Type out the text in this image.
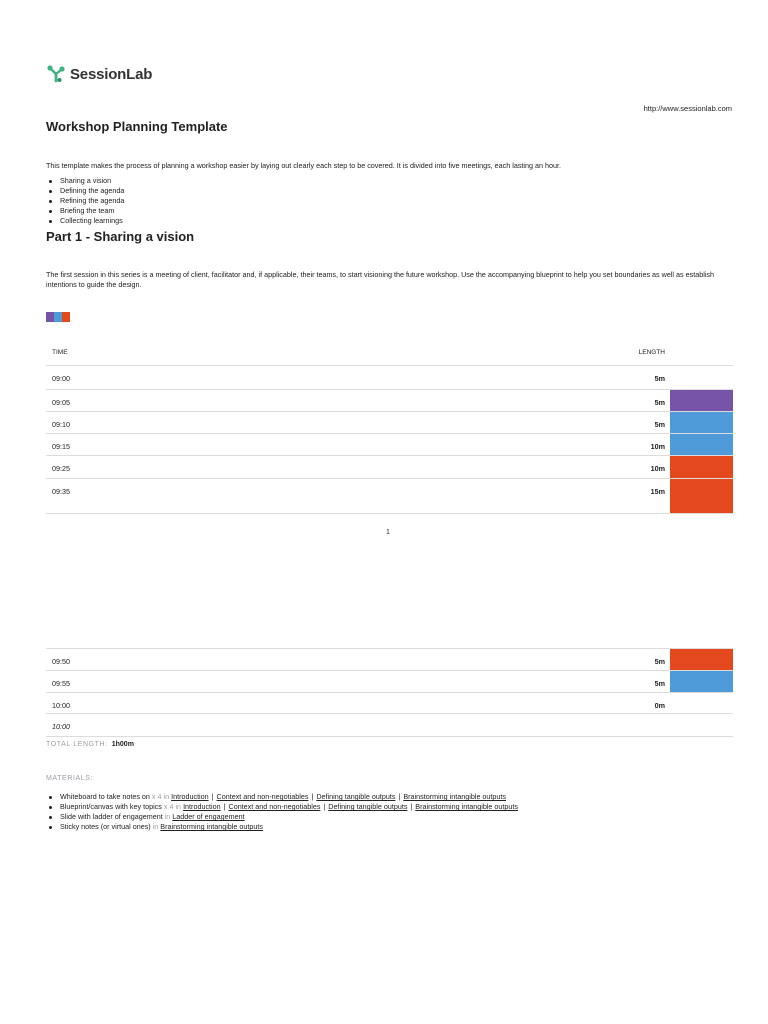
SessionLab
http://www.sessionlab.com
Workshop Planning Template

This template makes the process of planning a workshop easier by laying out clearly each step to be covered. It is divided into five meetings, each lasting an hour.

Sharing a vision
Defining the agenda
Refining the agenda
Briefing the team
Collecting learnings
Part 1 - Sharing a vision

The first session in this series is a meeting of client, facilitator and, if applicable, their teams, to start visioning the future workshop. Use the accompanying blueprint to help you set boundaries as well as establish intentions to guide the design.

TIME	LENGTH
09:00	5m
09:05	5m
09:10	5m
09:15	10m
09:25	10m
09:35	15m
1
09:50	5m
09:55	5m
10:00	0m
10:00
TOTAL LENGTH: 1h00m
MATERIALS:
Whiteboard to take notes on x 4 in Introduction | Context and non-negotiables | Defining tangible outputs | Brainstorming intangible outputs
Blueprint/canvas with key topics x 4 in Introduction | Context and non-negotiables | Defining tangible outputs | Brainstorming intangible outputs
Slide with ladder of engagement in Ladder of engagement
Sticky notes (or virtual ones) in Brainstorming intangible outputs
